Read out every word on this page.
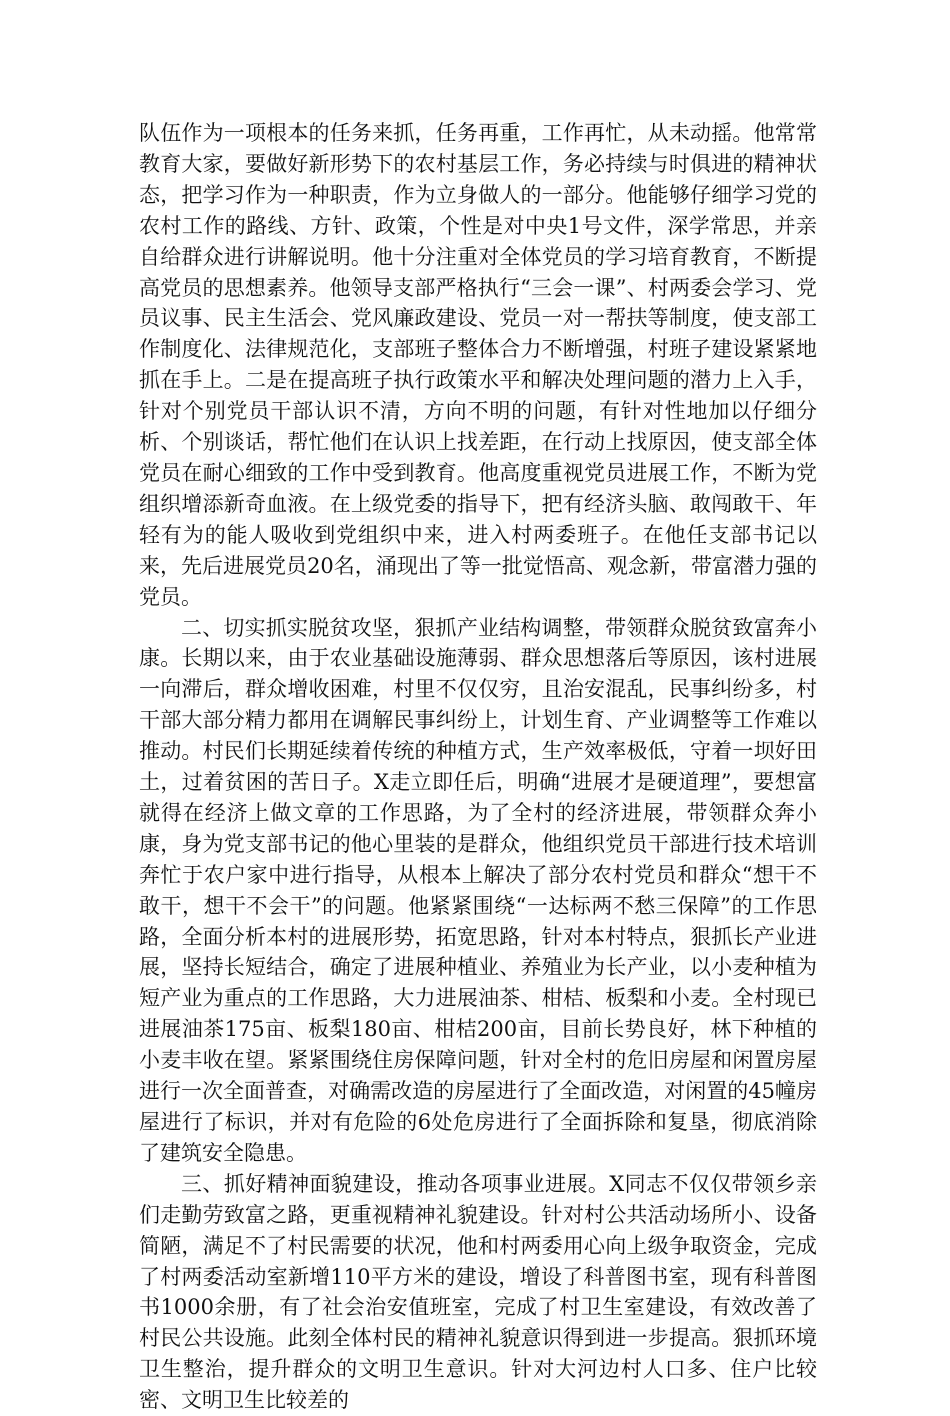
队伍作为一项根本的任务来抓，任务再重，工作再忙，从未动摇。他常常教育大家，要做好新形势下的农村基层工作，务必持续与时俱进的精神状态，把学习作为一种职责，作为立身做人的一部分。他能够仔细学习党的农村工作的路线、方针、政策，个性是对中央1号文件，深学常思，并亲自给群众进行讲解说明。他十分注重对全体党员的学习培育教育，不断提高党员的思想素养。他领导支部严格执行“三会一课”、村两委会学习、党员议事、民主生活会、党风廉政建设、党员一对一帮扶等制度，使支部工作制度化、法律规范化，支部班子整体合力不断增强，村班子建设紧紧地抓在手上。二是在提高班子执行政策水平和解决处理问题的潜力上入手，针对个别党员干部认识不清，方向不明的问题，有针对性地加以仔细分析、个别谈话，帮忙他们在认识上找差距，在行动上找原因，使支部全体党员在耐心细致的工作中受到教育。他高度重视党员进展工作，不断为党组织增添新奇血液。在上级党委的指导下，把有经济头脑、敢闯敢干、年轻有为的能人吸收到党组织中来，进入村两委班子。在他任支部书记以来，先后进展党员20名，涌现出了等一批觉悟高、观念新，带富潜力强的党员。

二、切实抓实脱贫攻坚，狠抓产业结构调整，带领群众脱贫致富奔小康。长期以来，由于农业基础设施薄弱、群众思想落后等原因，该村进展一向滞后，群众增收困难，村里不仅仅穷，且治安混乱，民事纠纷多，村干部大部分精力都用在调解民事纠纷上，计划生育、产业调整等工作难以推动。村民们长期延续着传统的种植方式，生产效率极低，守着一坝好田土，过着贫困的苦日子。X走立即任后，明确“进展才是硬道理”，要想富就得在经济上做文章的工作思路，为了全村的经济进展，带领群众奔小康，身为党支部书记的他心里装的是群众，他组织党员干部进行技术培训奔忙于农户家中进行指导，从根本上解决了部分农村党员和群众“想干不敢干，想干不会干”的问题。他紧紧围绕“一达标两不愁三保障”的工作思路，全面分析本村的进展形势，拓宽思路，针对本村特点，狠抓长产业进展，坚持长短结合，确定了进展种植业、养殖业为长产业，以小麦种植为短产业为重点的工作思路，大力进展油茶、柑桔、板梨和小麦。全村现已进展油茶175亩、板梨180亩、柑桔200亩，目前长势良好，林下种植的小麦丰收在望。紧紧围绕住房保障问题，针对全村的危旧房屋和闲置房屋进行一次全面普查，对确需改造的房屋进行了全面改造，对闲置的45幢房屋进行了标识，并对有危险的6处危房进行了全面拆除和复垦，彻底消除了建筑安全隐患。

三、抓好精神面貌建设，推动各项事业进展。X同志不仅仅带领乡亲们走勤劳致富之路，更重视精神礼貌建设。针对村公共活动场所小、设备简陋，满足不了村民需要的状况，他和村两委用心向上级争取资金，完成了村两委活动室新增110平方米的建设，增设了科普图书室，现有科普图书1000余册，有了社会治安值班室，完成了村卫生室建设，有效改善了村民公共设施。此刻全体村民的精神礼貌意识得到进一步提高。狠抓环境卫生整治，提升群众的文明卫生意识。针对大河边村人口多、住户比较密、文明卫生比较差的
